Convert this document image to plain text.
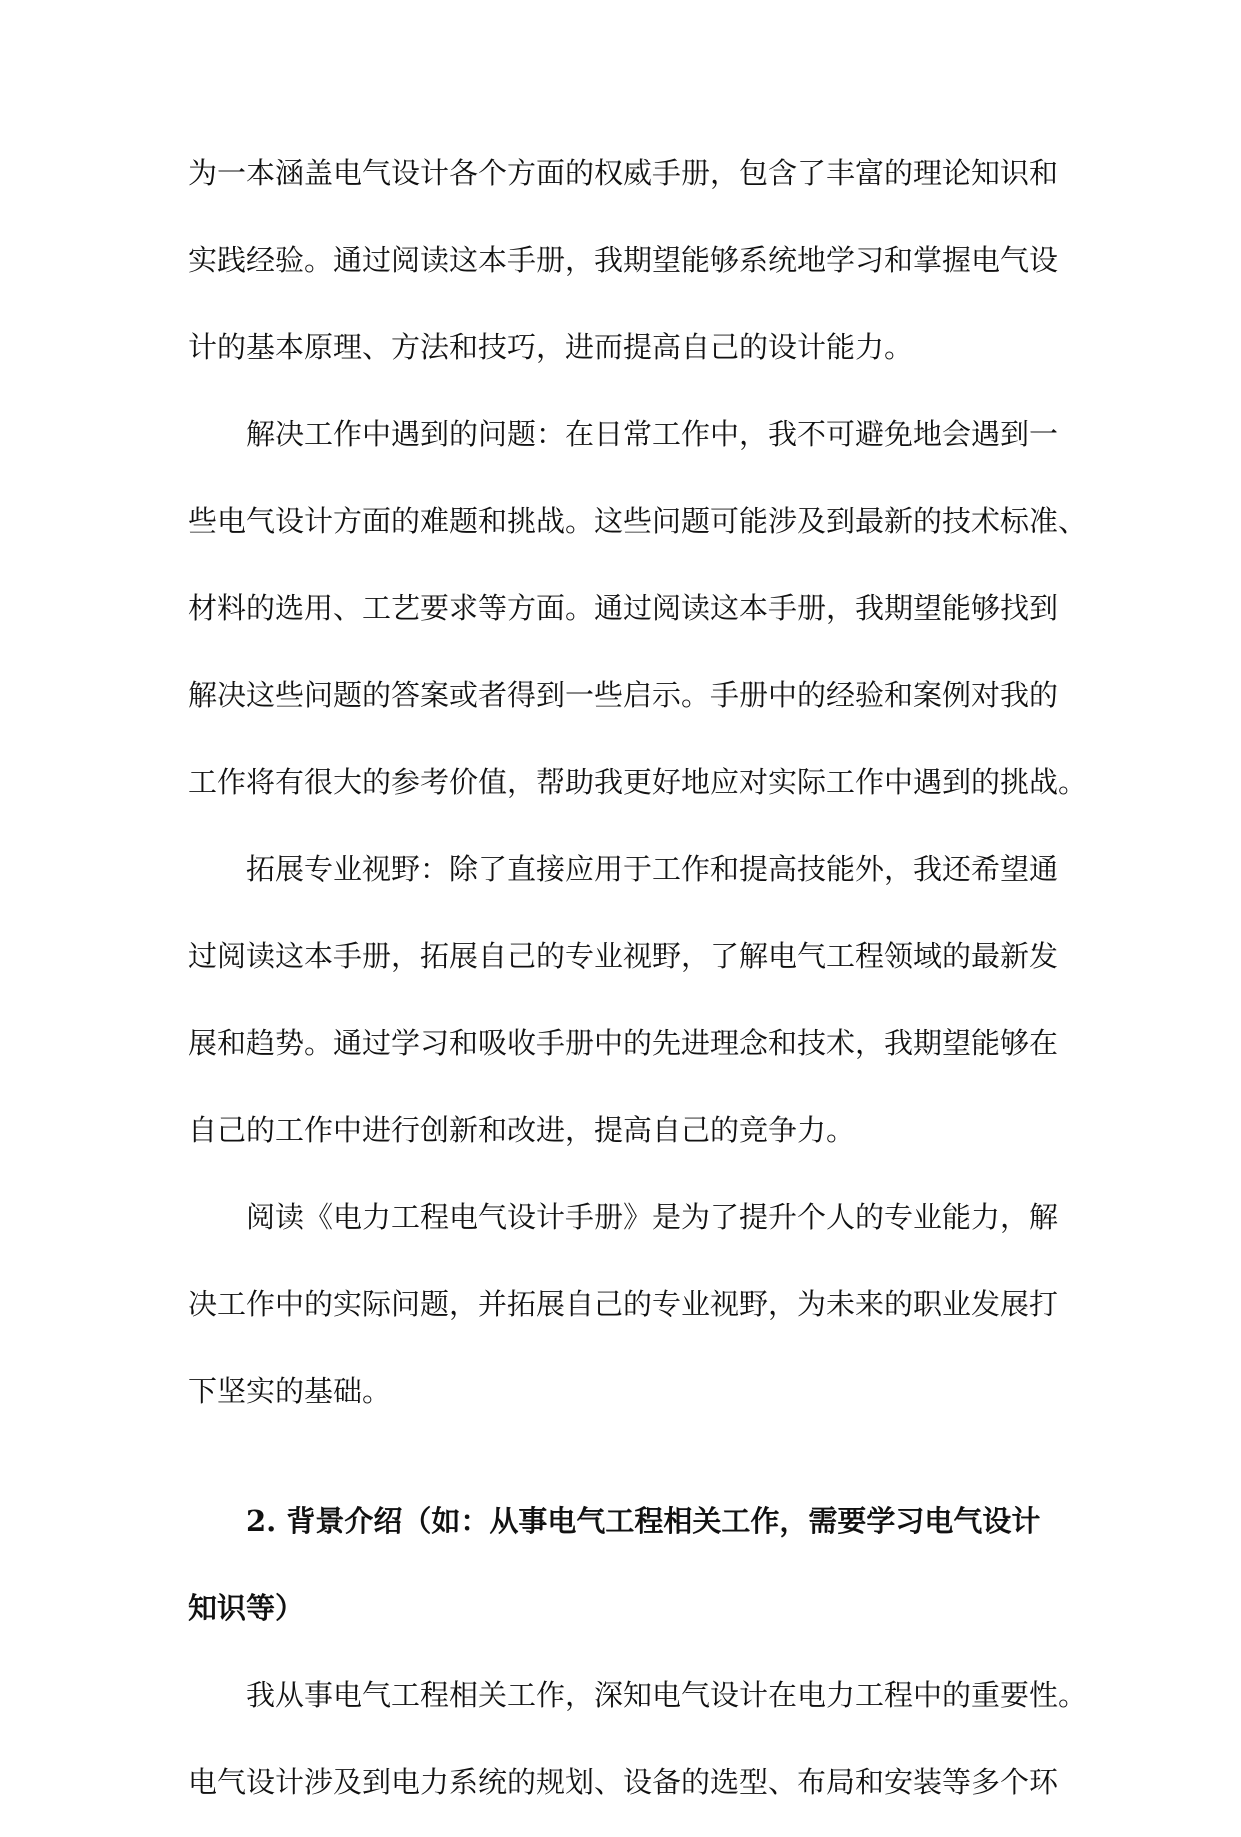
为一本涵盖电气设计各个方面的权威手册，包含了丰富的理论知识和
实践经验。通过阅读这本手册，我期望能够系统地学习和掌握电气设
计的基本原理、方法和技巧，进而提高自己的设计能力。
解决工作中遇到的问题：在日常工作中，我不可避免地会遇到一
些电气设计方面的难题和挑战。这些问题可能涉及到最新的技术标准、
材料的选用、工艺要求等方面。通过阅读这本手册，我期望能够找到
解决这些问题的答案或者得到一些启示。手册中的经验和案例对我的
工作将有很大的参考价值，帮助我更好地应对实际工作中遇到的挑战。
拓展专业视野：除了直接应用于工作和提高技能外，我还希望通
过阅读这本手册，拓展自己的专业视野，了解电气工程领域的最新发
展和趋势。通过学习和吸收手册中的先进理念和技术，我期望能够在
自己的工作中进行创新和改进，提高自己的竞争力。
阅读《电力工程电气设计手册》是为了提升个人的专业能力，解
决工作中的实际问题，并拓展自己的专业视野，为未来的职业发展打
下坚实的基础。
2. 背景介绍（如：从事电气工程相关工作，需要学习电气设计
知识等）
我从事电气工程相关工作，深知电气设计在电力工程中的重要性。
电气设计涉及到电力系统的规划、设备的选型、布局和安装等多个环
